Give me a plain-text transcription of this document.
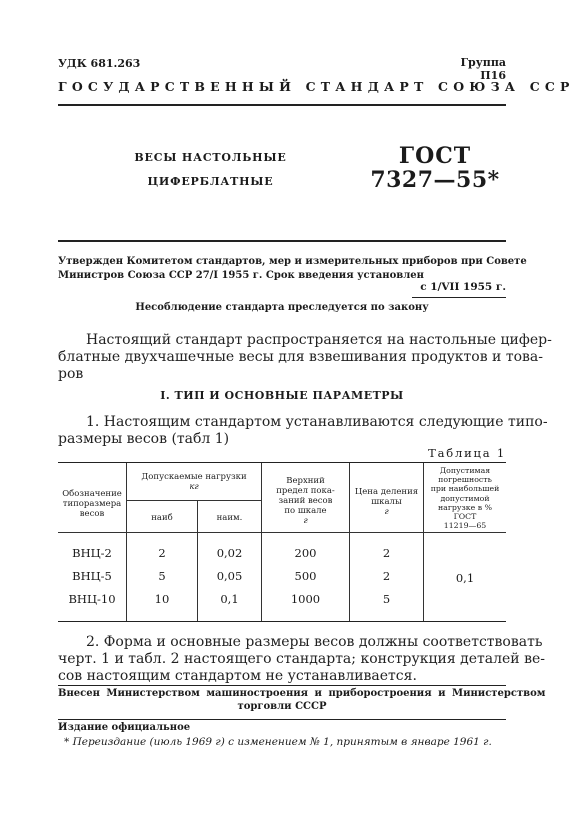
УДК 681.263	Группа П16
ГОСУДАРСТВЕННЫЙ СТАНДАРТ СОЮЗА ССР
ВЕСЫ НАСТОЛЬНЫЕ
ЦИФЕРБЛАТНЫЕ
ГОСТ
7327—55*
Утвержден Комитетом стандартов, мер и измерительных приборов при Совете
Министров Союза ССР 27/I 1955 г. Срок введения установлен
с 1/VII 1955 г.
Несоблюдение стандарта преследуется по закону
Настоящий стандарт распространяется на настольные цифер-
блатные двухчашечные весы для взвешивания продуктов и това-
ров
I. ТИП И ОСНОВНЫЕ ПАРАМЕТРЫ
1. Настоящим стандартом устанавливаются следующие типо-
размеры весов (табл 1)
Таблица 1
Обозначение
типоразмера
весов
Допускаемые нагрузки
кг
наиб	наим.
Верхний
предел пока-
заний весов
по шкале
г
Цена деления
шкалы
г
Допустимая
погрешность
при наибольшей
допустимой
нагрузке в %
ГОСТ
11219—65
ВНЦ-2	2	0,02	200	2
ВНЦ-5	5	0,05	500	2
ВНЦ-10	10	0,1	1000	5
0,1
2. Форма и основные размеры весов должны соответствовать
черт. 1 и табл. 2 настоящего стандарта; конструкция деталей ве-
сов настоящим стандартом не устанавливается.
Внесен Министерством машиностроения и приборостроения и Министерством
торговли СССР
Издание официальное
* Переиздание (июль 1969 г) с изменением № 1, принятым в январе 1961 г.
